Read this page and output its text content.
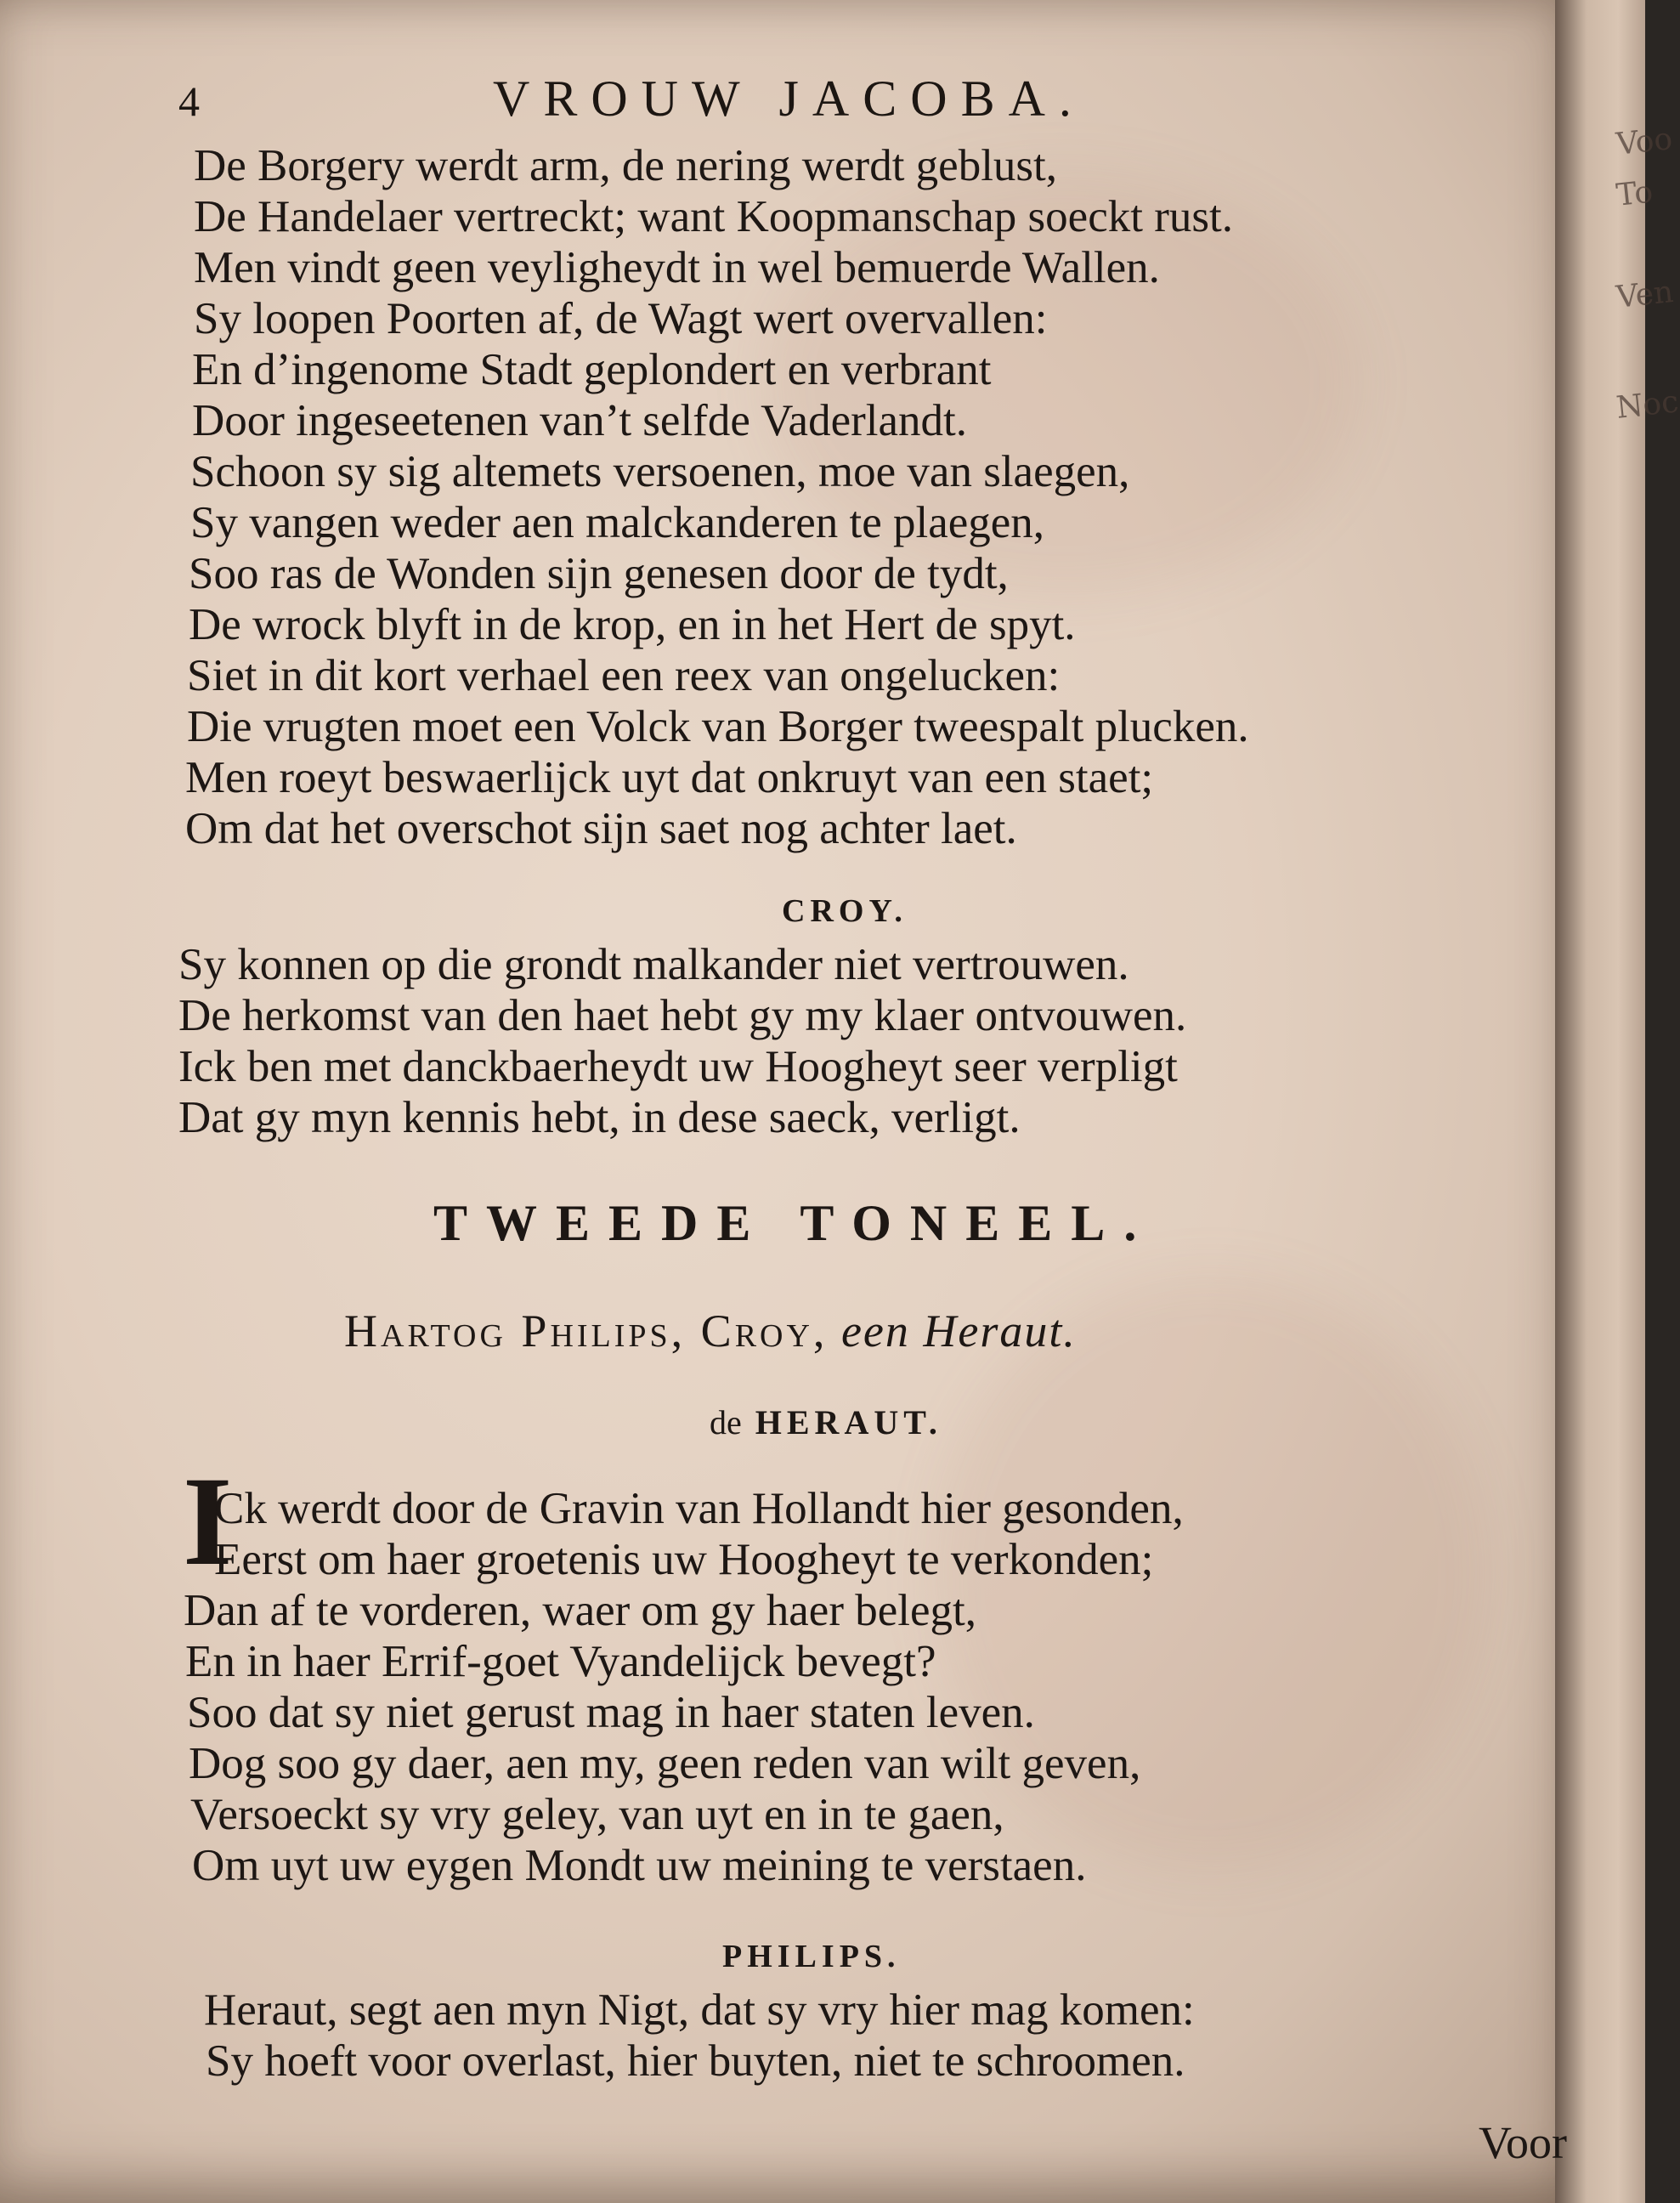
Voo
To
Ven
Noc
4	VROUW JACOBA.
De Borgery werdt arm, de nering werdt geblust,
De Handelaer vertreckt; want Koopmanschap soeckt rust.
Men vindt geen veyligheydt in wel bemuerde Wallen.
Sy loopen Poorten af, de Wagt wert overvallen:
En d’ingenome Stadt geplondert en verbrant
Door ingeseetenen van’t selfde Vaderlandt.
Schoon sy sig altemets versoenen, moe van slaegen,
Sy vangen weder aen malckanderen te plaegen,
Soo ras de Wonden sijn genesen door de tydt,
De wrock blyft in de krop, en in het Hert de spyt.
Siet in dit kort verhael een reex van ongelucken:
Die vrugten moet een Volck van Borger tweespalt plucken.
Men roeyt beswaerlijck uyt dat onkruyt van een staet;
Om dat het overschot sijn saet nog achter laet.
CROY.
Sy konnen op die grondt malkander niet vertrouwen.
De herkomst van den haet hebt gy my klaer ontvouwen.
Ick ben met danckbaerheydt uw Hoogheyt seer verpligt
Dat gy myn kennis hebt, in dese saeck, verligt.
TWEEDE TONEEL.
Hartog Philips, Croy, een Heraut.
de HERAUT.
I
Ck werdt door de Gravin van Hollandt hier gesonden,
Eerst om haer groetenis uw Hoogheyt te verkonden;
Dan af te vorderen, waer om gy haer belegt,
En in haer Errif-goet Vyandelijck bevegt?
Soo dat sy niet gerust mag in haer staten leven.
Dog soo gy daer, aen my, geen reden van wilt geven,
Versoeckt sy vry geley, van uyt en in te gaen,
Om uyt uw eygen Mondt uw meining te verstaen.
PHILIPS.
Heraut, segt aen myn Nigt, dat sy vry hier mag komen:
Sy hoeft voor overlast, hier buyten, niet te schroomen.
Voor
